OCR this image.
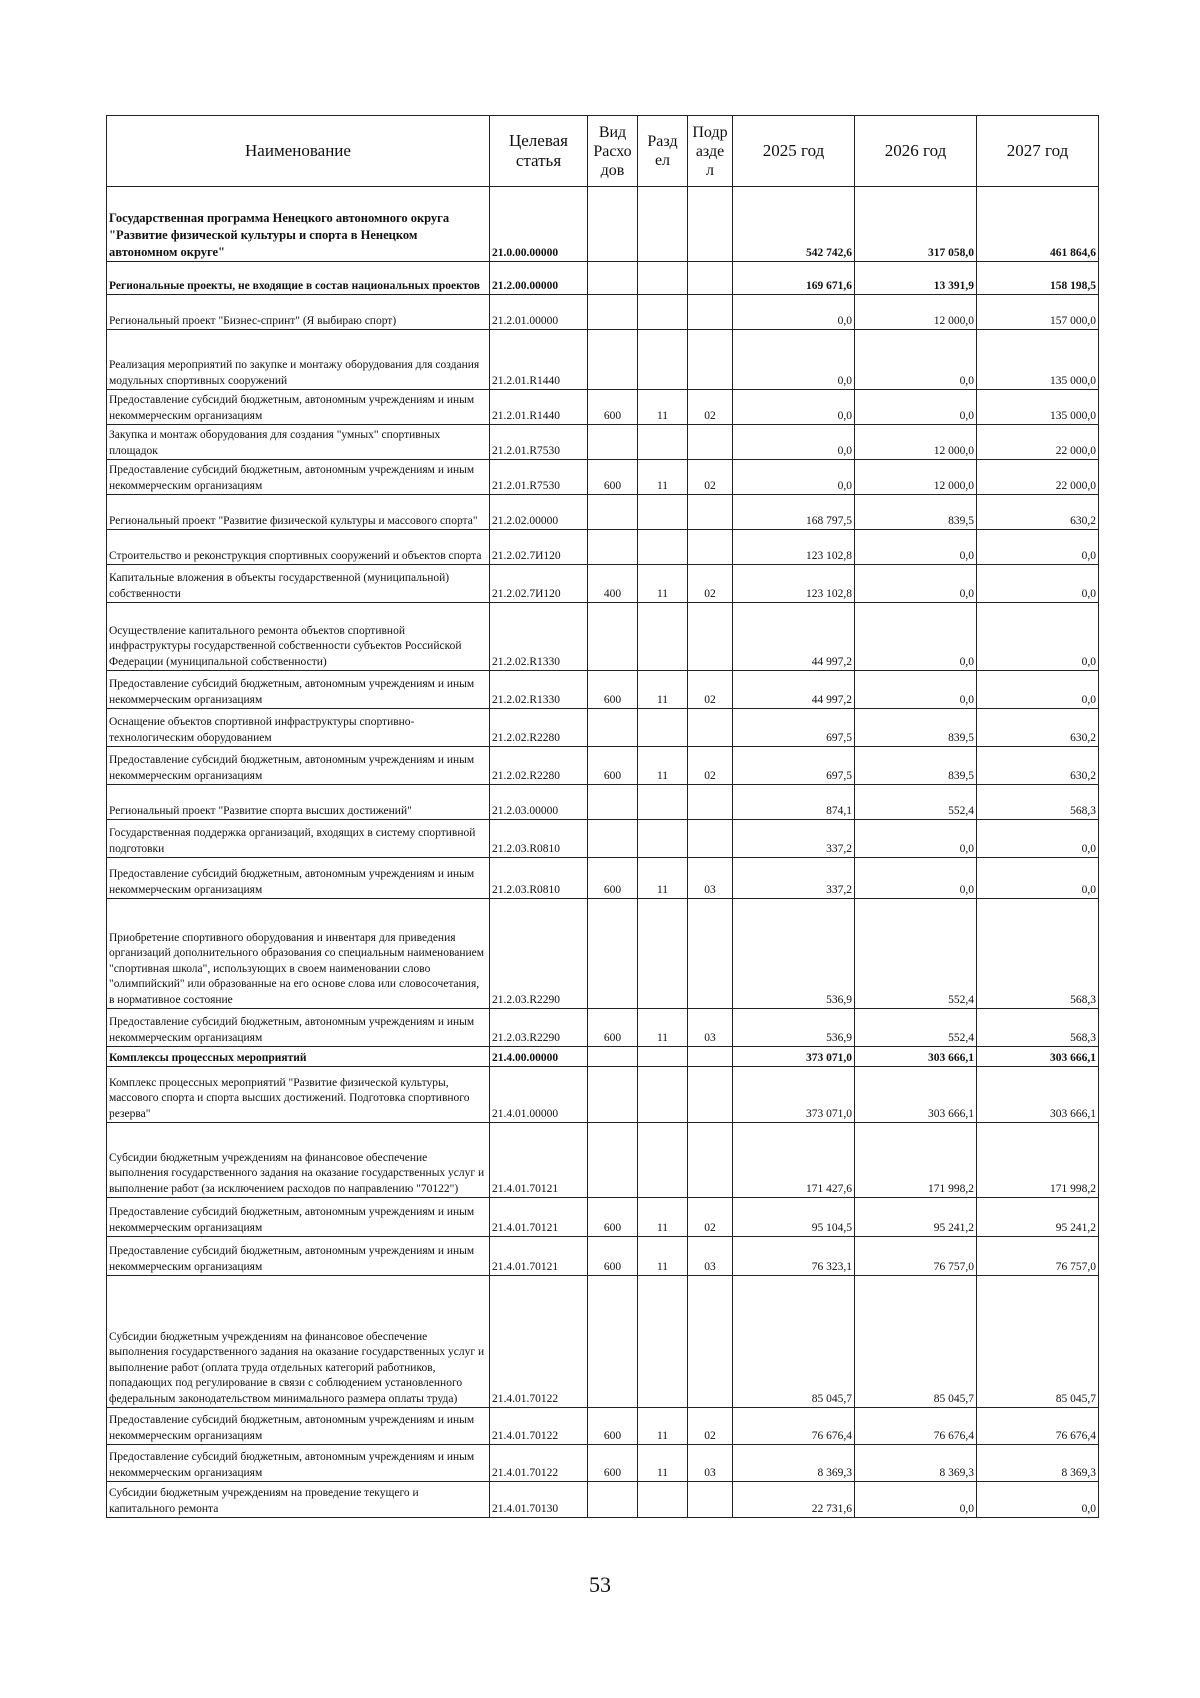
Наименование	Целевая статья	Вид Расхо дов	Разд ел	Подр азде л	2025 год	2026 год	2027 год
Государственная программа Ненецкого автономного округа "Развитие физической культуры и спорта в Ненецком автономном округе"	21.0.00.00000				542 742,6	317 058,0	461 864,6
Региональные проекты, не входящие в состав национальных проектов	21.2.00.00000				169 671,6	13 391,9	158 198,5
Региональный проект "Бизнес-спринт" (Я выбираю спорт)	21.2.01.00000				0,0	12 000,0	157 000,0
Реализация мероприятий по закупке и монтажу оборудования для создания модульных спортивных сооружений	21.2.01.R1440				0,0	0,0	135 000,0
Предоставление субсидий бюджетным, автономным учреждениям и иным некоммерческим организациям	21.2.01.R1440	600	11	02	0,0	0,0	135 000,0
Закупка и монтаж оборудования для создания "умных" спортивных площадок	21.2.01.R7530				0,0	12 000,0	22 000,0
Предоставление субсидий бюджетным, автономным учреждениям и иным некоммерческим организациям	21.2.01.R7530	600	11	02	0,0	12 000,0	22 000,0
Региональный проект "Развитие физической культуры и массового спорта"	21.2.02.00000				168 797,5	839,5	630,2
Строительство и реконструкция спортивных сооружений и объектов спорта	21.2.02.7И120				123 102,8	0,0	0,0
Капитальные вложения в объекты государственной (муниципальной) собственности	21.2.02.7И120	400	11	02	123 102,8	0,0	0,0
Осуществление капитального ремонта объектов спортивной инфраструктуры государственной собственности субъектов Российской Федерации (муниципальной собственности)	21.2.02.R1330				44 997,2	0,0	0,0
Предоставление субсидий бюджетным, автономным учреждениям и иным некоммерческим организациям	21.2.02.R1330	600	11	02	44 997,2	0,0	0,0
Оснащение объектов спортивной инфраструктуры спортивно-технологическим оборудованием	21.2.02.R2280				697,5	839,5	630,2
Предоставление субсидий бюджетным, автономным учреждениям и иным некоммерческим организациям	21.2.02.R2280	600	11	02	697,5	839,5	630,2
Региональный проект "Развитие спорта высших достижений"	21.2.03.00000				874,1	552,4	568,3
Государственная поддержка организаций, входящих в систему спортивной подготовки	21.2.03.R0810				337,2	0,0	0,0
Предоставление субсидий бюджетным, автономным учреждениям и иным некоммерческим организациям	21.2.03.R0810	600	11	03	337,2	0,0	0,0
Приобретение спортивного оборудования и инвентаря для приведения организаций дополнительного образования со специальным наименованием "спортивная школа", использующих в своем наименовании слово "олимпийский" или образованные на его основе слова или словосочетания, в нормативное состояние	21.2.03.R2290				536,9	552,4	568,3
Предоставление субсидий бюджетным, автономным учреждениям и иным некоммерческим организациям	21.2.03.R2290	600	11	03	536,9	552,4	568,3
Комплексы процессных мероприятий	21.4.00.00000				373 071,0	303 666,1	303 666,1
Комплекс процессных мероприятий "Развитие физической культуры, массового спорта и спорта высших достижений. Подготовка спортивного резерва"	21.4.01.00000				373 071,0	303 666,1	303 666,1
Субсидии бюджетным учреждениям на финансовое обеспечение выполнения государственного задания на оказание государственных услуг и выполнение работ (за исключением расходов по направлению "70122")	21.4.01.70121				171 427,6	171 998,2	171 998,2
Предоставление субсидий бюджетным, автономным учреждениям и иным некоммерческим организациям	21.4.01.70121	600	11	02	95 104,5	95 241,2	95 241,2
Предоставление субсидий бюджетным, автономным учреждениям и иным некоммерческим организациям	21.4.01.70121	600	11	03	76 323,1	76 757,0	76 757,0
Субсидии бюджетным учреждениям на финансовое обеспечение выполнения государственного задания на оказание государственных услуг и выполнение работ (оплата труда отдельных категорий работников, попадающих под регулирование в связи с соблюдением установленного федеральным законодательством минимального размера оплаты труда)	21.4.01.70122				85 045,7	85 045,7	85 045,7
Предоставление субсидий бюджетным, автономным учреждениям и иным некоммерческим организациям	21.4.01.70122	600	11	02	76 676,4	76 676,4	76 676,4
Предоставление субсидий бюджетным, автономным учреждениям и иным некоммерческим организациям	21.4.01.70122	600	11	03	8 369,3	8 369,3	8 369,3
Субсидии бюджетным учреждениям на проведение текущего и капитального ремонта	21.4.01.70130				22 731,6	0,0	0,0
53
